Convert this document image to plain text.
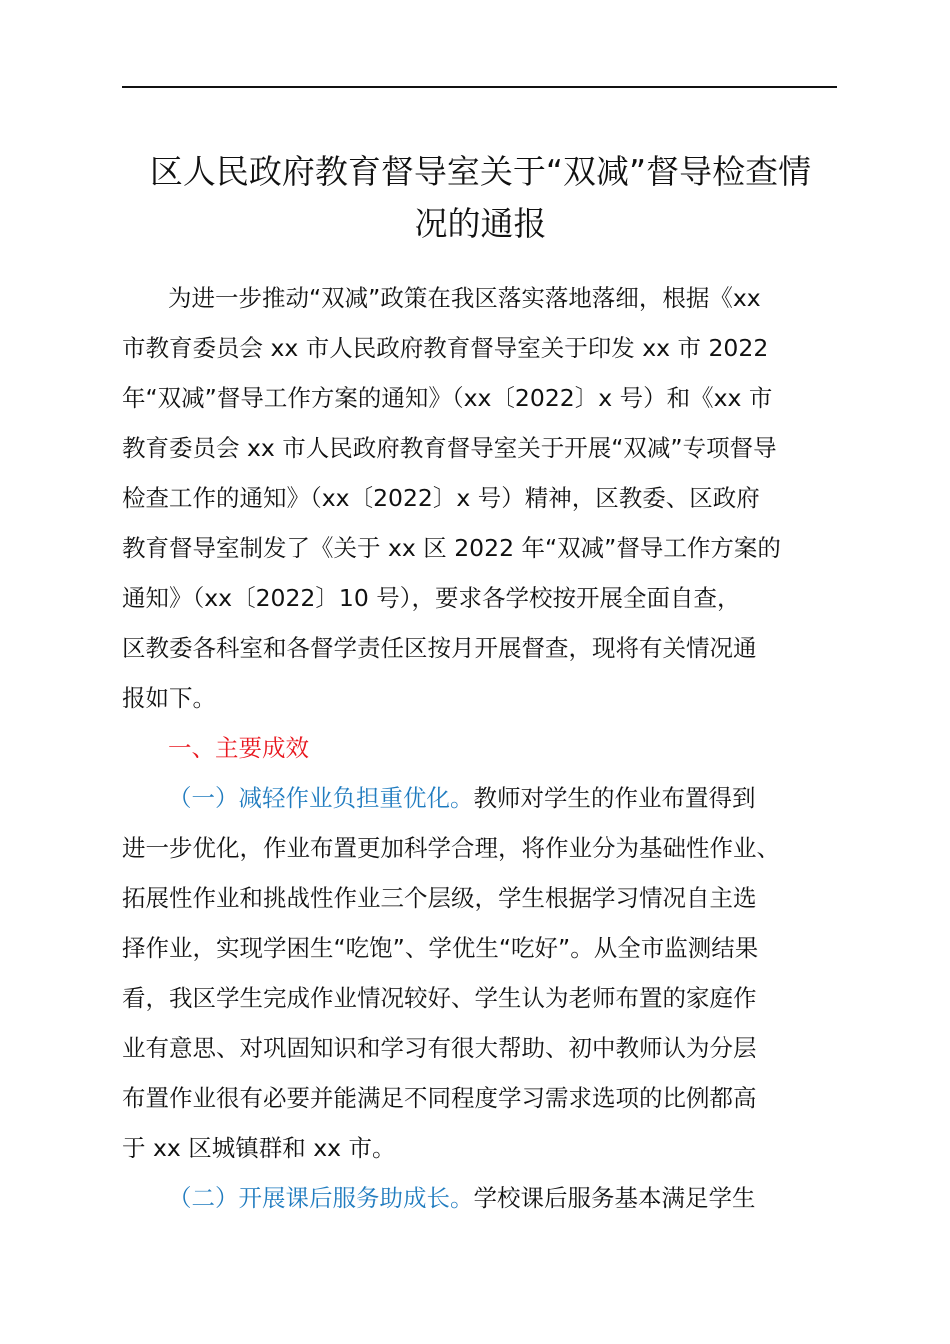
区人民政府教育督导室关于“双减”督导检查情
况的通报
为进一步推动“双减”政策在我区落实落地落细，根据《xx
市教育委员会 xx 市人民政府教育督导室关于印发 xx 市 2022
年“双减”督导工作方案的通知》（xx〔2022〕x 号）和《xx 市
教育委员会 xx 市人民政府教育督导室关于开展“双减”专项督导
检查工作的通知》（xx〔2022〕x 号）精神，区教委、区政府
教育督导室制发了《关于 xx 区 2022 年“双减”督导工作方案的
通知》（xx〔2022〕10 号），要求各学校按开展全面自查，
区教委各科室和各督学责任区按月开展督查，现将有关情况通
报如下。
一、主要成效
（一）减轻作业负担重优化。教师对学生的作业布置得到
进一步优化，作业布置更加科学合理，将作业分为基础性作业、
拓展性作业和挑战性作业三个层级，学生根据学习情况自主选
择作业，实现学困生“吃饱”、学优生“吃好”。从全市监测结果
看，我区学生完成作业情况较好、学生认为老师布置的家庭作
业有意思、对巩固知识和学习有很大帮助、初中教师认为分层
布置作业很有必要并能满足不同程度学习需求选项的比例都高
于 xx 区城镇群和 xx 市。
（二）开展课后服务助成长。学校课后服务基本满足学生
